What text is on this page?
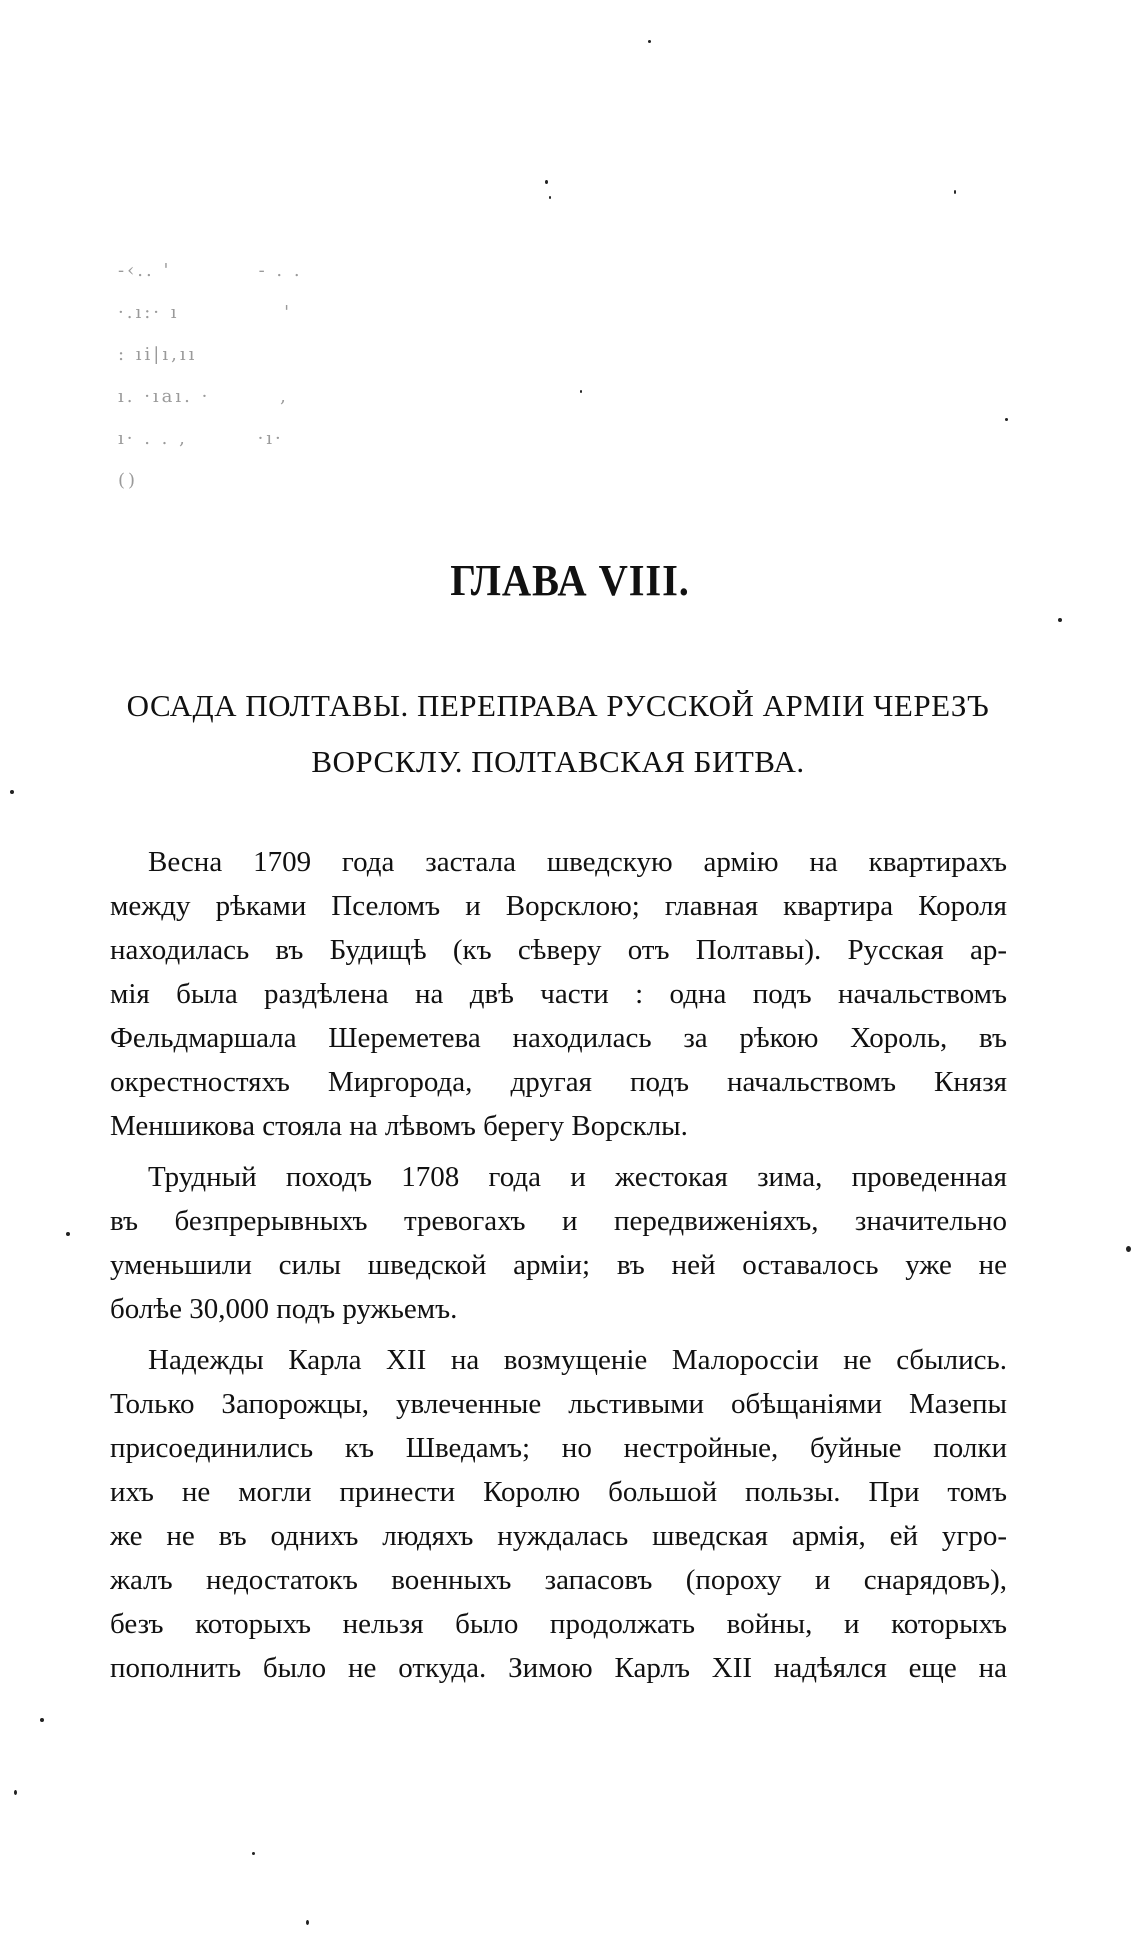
-‹.. '          - . .
·.ı:· ı            '
: ıi|ı,ıı
ı. ·ıaı. ·        ,
ı· . . ,        ·ı·
()
ГЛАВА VIII.
ОСАДА ПОЛТАВЫ. ПЕРЕПРАВА РУССКОЙ АРМІИ ЧЕРЕЗЪ
ВОРСКЛУ. ПОЛТАВСКАЯ БИТВА.
Весна 1709 года застала шведскую армію на квартирахъ
между рѣками Пселомъ и Ворсклою; главная квартира Короля
находилась въ Будищѣ (къ сѣверу отъ Полтавы). Русская ар-
мія была раздѣлена на двѣ части : одна подъ начальствомъ
Фельдмаршала Шереметева находилась за рѣкою Хороль, въ
окрестностяхъ Миргорода, другая подъ начальствомъ Князя
Меншикова стояла на лѣвомъ берегу Ворсклы.
Трудный походъ 1708 года и жестокая зима, проведенная
въ безпрерывныхъ тревогахъ и передвиженіяхъ, значительно
уменьшили силы шведской арміи; въ ней оставалось уже не
болѣе 30,000 подъ ружьемъ.
Надежды Карла XII на возмущеніе Малороссіи не сбылись.
Только Запорожцы, увлеченные льстивыми обѣщаніями Мазепы
присоединились къ Шведамъ; но нестройные, буйные полки
ихъ не могли принести Королю большой пользы. При томъ
же не въ однихъ людяхъ нуждалась шведская армія, ей угро-
жалъ недостатокъ военныхъ запасовъ (пороху и снарядовъ),
безъ которыхъ нельзя было продолжать войны, и которыхъ
пополнить было не откуда. Зимою Карлъ XII надѣялся еще на
